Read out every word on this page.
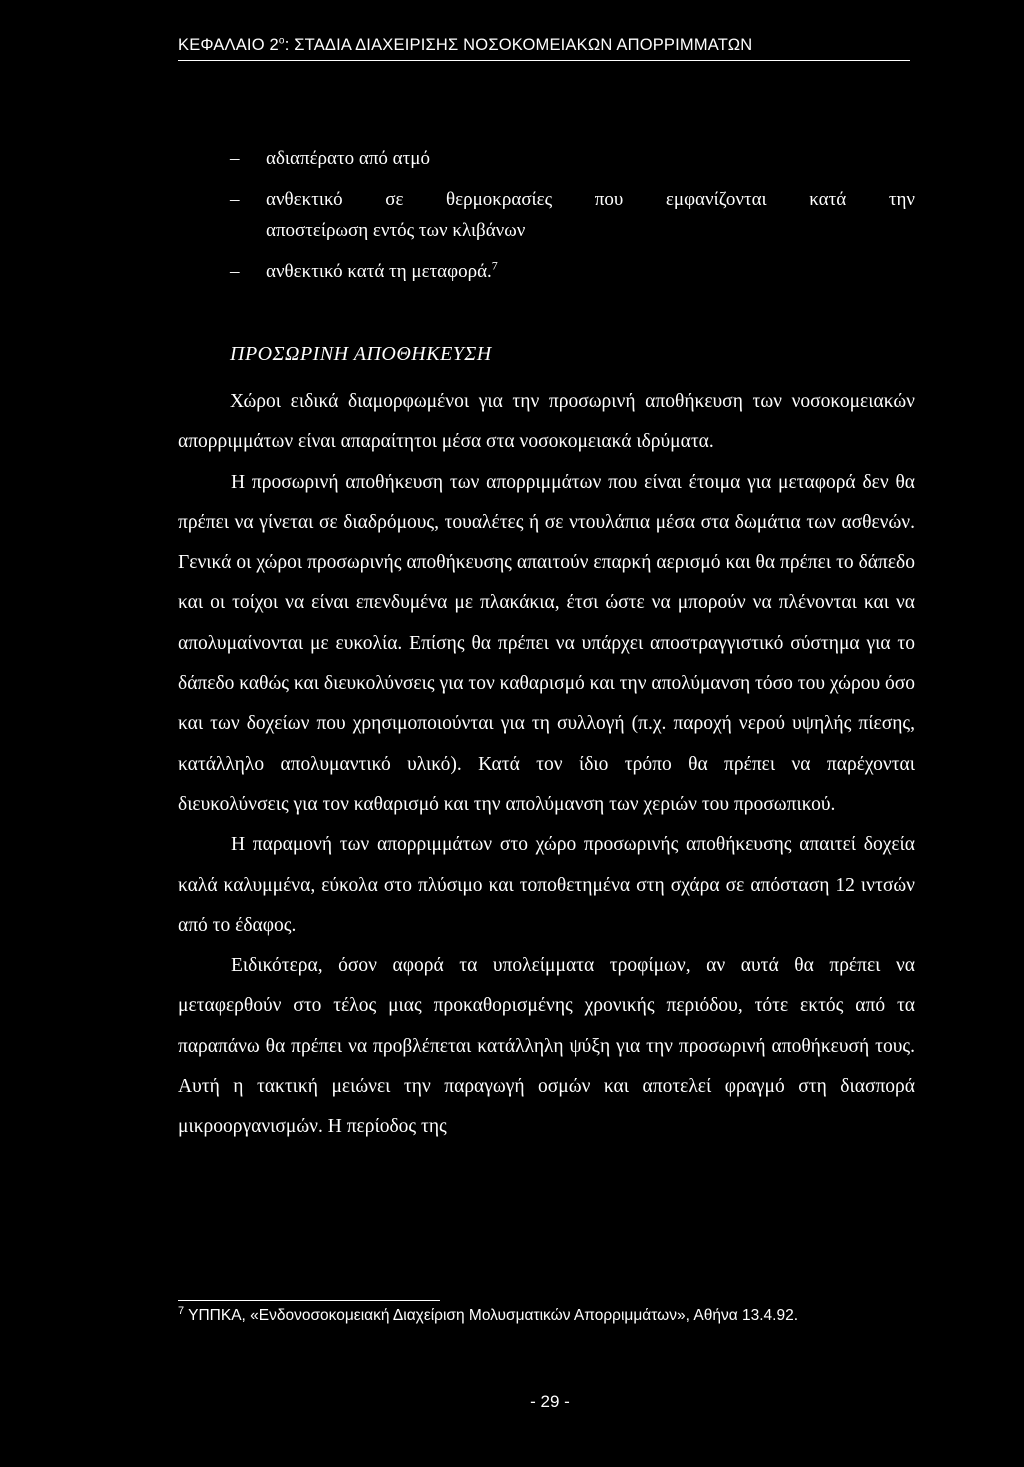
ΚΕΦΑΛΑΙΟ $2^o$: ΣΤΑΔΙΑ ΔΙΑΧΕΙΡΙΣΗΣ ΝΟΣΟΚΟΜΕΙΑΚΩΝ ΑΠΟΡΡΙΜΜΑΤΩΝ
– αδιαπέρατο από ατμό
– ανθεκτικό σε θερμοκρασίες που εμφανίζονται κατά την
αποστείρωση εντός των κλιβάνων
– ανθεκτικό κατά τη μεταφορά.$^7$
ΠΡΟΣΩΡΙΝΗ ΑΠΟΘΗΚΕΥΣΗ

Χώροι ειδικά διαμορφωμένοι για την προσωρινή αποθήκευση των νοσοκομειακών απορριμμάτων είναι απαραίτητοι μέσα στα νοσοκομειακά ιδρύματα.

Η προσωρινή αποθήκευση των απορριμμάτων που είναι έτοιμα για μεταφορά δεν θα πρέπει να γίνεται σε διαδρόμους, τουαλέτες ή σε ντουλάπια μέσα στα δωμάτια των ασθενών. Γενικά οι χώροι προσωρινής αποθήκευσης απαιτούν επαρκή αερισμό και θα πρέπει το δάπεδο και οι τοίχοι να είναι επενδυμένα με πλακάκια, έτσι ώστε να μπορούν να πλένονται και να απολυμαίνονται με ευκολία. Επίσης θα πρέπει να υπάρχει αποστραγγιστικό σύστημα για το δάπεδο καθώς και διευκολύνσεις για τον καθαρισμό και την απολύμανση τόσο του χώρου όσο και των δοχείων που χρησιμοποιούνται για τη συλλογή (π.χ. παροχή νερού υψηλής πίεσης, κατάλληλο απολυμαντικό υλικό). Κατά τον ίδιο τρόπο θα πρέπει να παρέχονται διευκολύνσεις για τον καθαρισμό και την απολύμανση των χεριών του προσωπικού.

Η παραμονή των απορριμμάτων στο χώρο προσωρινής αποθήκευσης απαιτεί δοχεία καλά καλυμμένα, εύκολα στο πλύσιμο και τοποθετημένα στη σχάρα σε απόσταση 12 ιντσών από το έδαφος.

Ειδικότερα, όσον αφορά τα υπολείμματα τροφίμων, αν αυτά θα πρέπει να μεταφερθούν στο τέλος μιας προκαθορισμένης χρονικής περιόδου, τότε εκτός από τα παραπάνω θα πρέπει να προβλέπεται κατάλληλη ψύξη για την προσωρινή αποθήκευσή τους. Αυτή η τακτική μειώνει την παραγωγή οσμών και αποτελεί φραγμό στη διασπορά μικροοργανισμών. Η περίοδος της

$^7$ ΥΠΠΚΑ, «Ενδονοσοκομειακή Διαχείριση Μολυσματικών Απορριμμάτων», Αθήνα 13.4.92.
- 29 -
